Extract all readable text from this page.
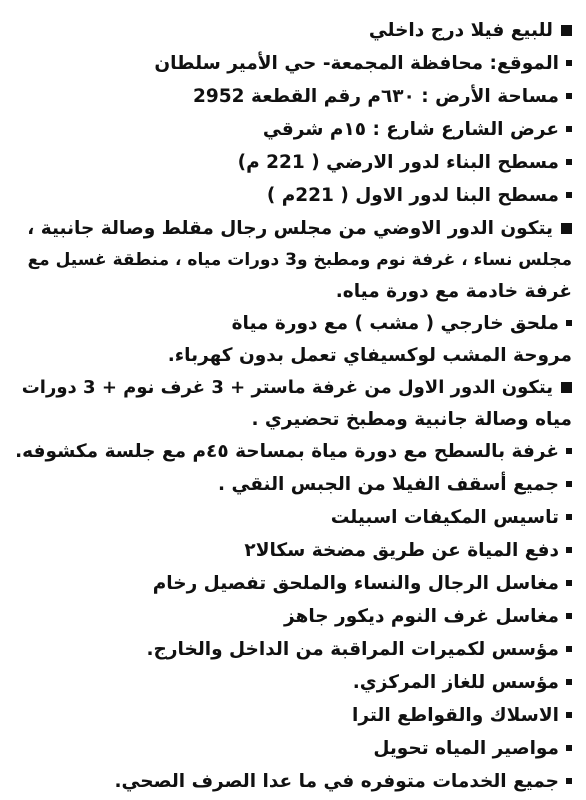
للبيع فيلا درج داخلي
الموقع: محافظة المجمعة- حي الأمير سلطان
مساحة الأرض : ٦٣٠م رقم القطعة 2952
عرض الشارع شارع : ١٥م شرقي
مسطح البناء لدور الارضي ( 221 م)
مسطح البنا لدور الاول ( 221م )
يتكون الدور الاوضي من مجلس رجال مقلط وصالة جانبية ،
مجلس نساء ، غرفة نوم ومطبخ و3 دورات مياه ، منطقة غسيل مع
غرفة خادمة مع دورة مياه.
ملحق خارجي ( مشب ) مع دورة مياة
مروحة المشب لوكسيفاي تعمل بدون كهرباء.
يتكون الدور الاول من غرفة ماستر + 3 غرف نوم + 3 دورات
مياه وصالة جانبية ومطبخ تحضيري .
غرفة بالسطح مع دورة مياة بمساحة ٤٥م مع جلسة مكشوفه.
جميع أسقف الفيلا من الجبس النقي .
تاسيس المكيفات اسبيلت
دفع المياة عن طريق مضخة سكالا٢
مغاسل الرجال والنساء والملحق تفصيل رخام
مغاسل غرف النوم ديكور جاهز
مؤسس لكميرات المراقبة من الداخل والخارج.
مؤسس للغاز المركزي.
الاسلاك والقواطع الترا
مواصير المياه تحويل
جميع الخدمات متوفره في ما عدا الصرف الصحي.
